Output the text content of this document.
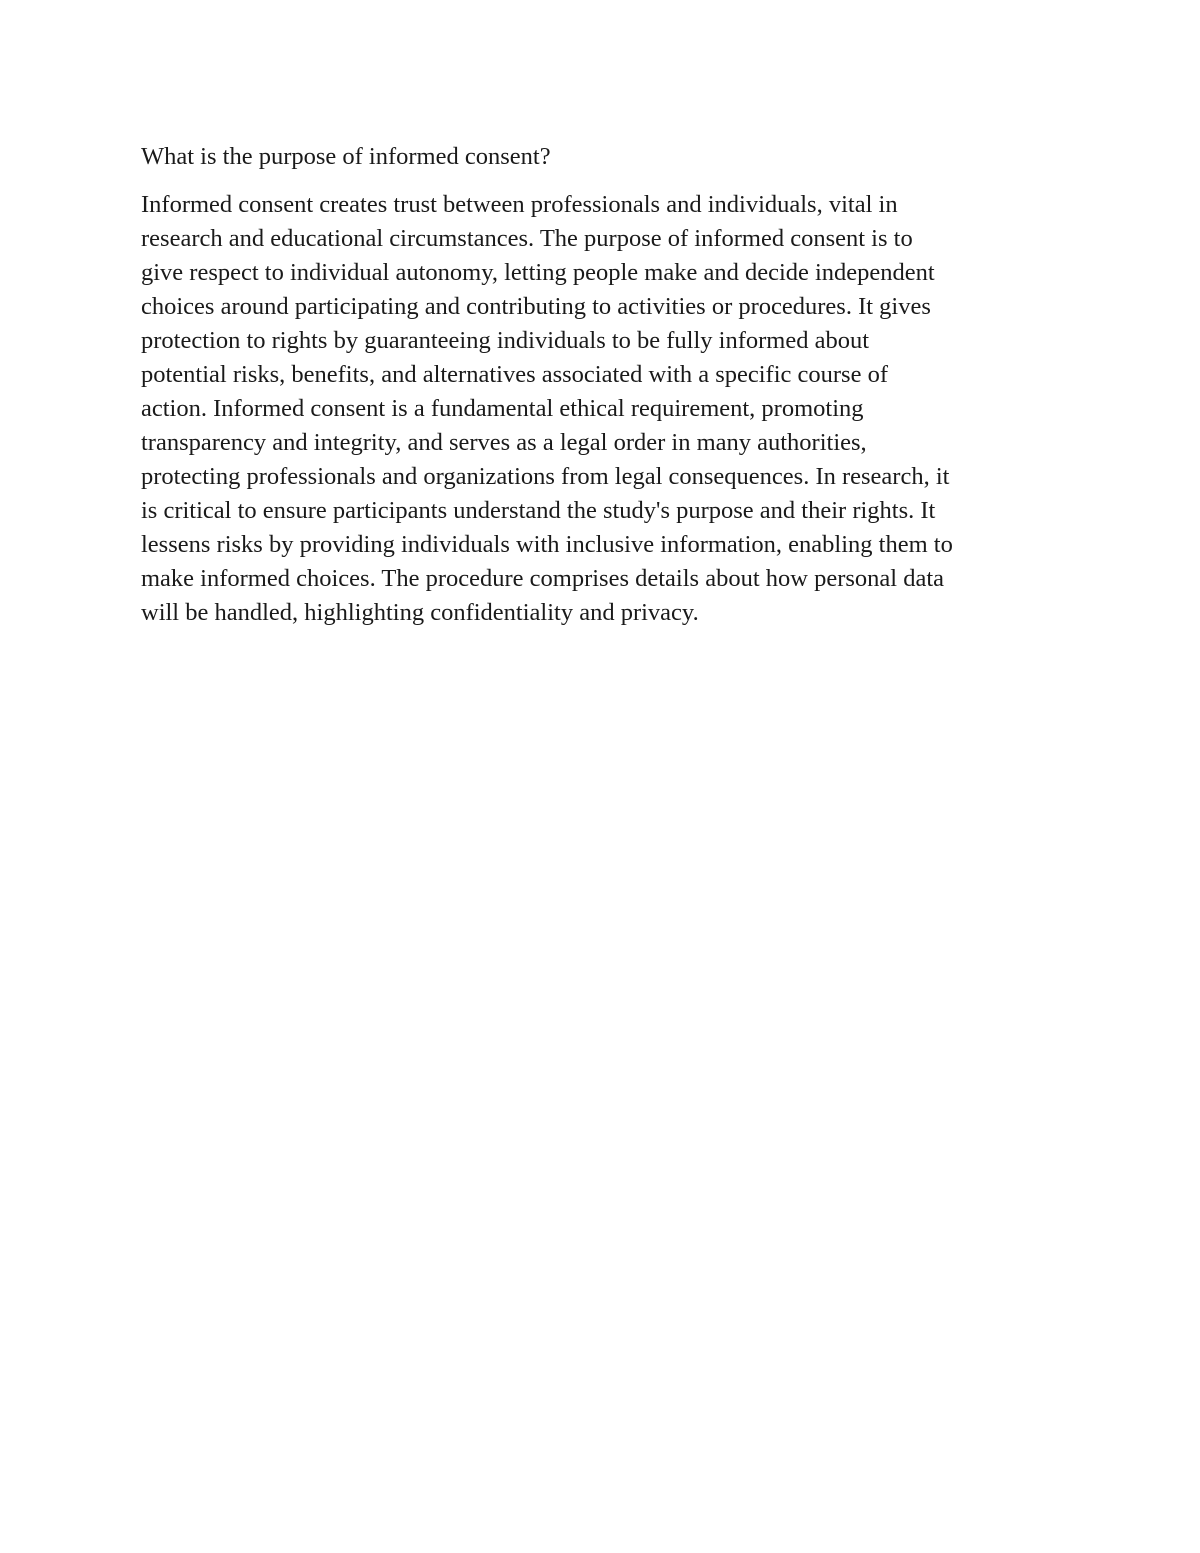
What is the purpose of informed consent?

Informed consent creates trust between professionals and individuals, vital in
research and educational circumstances. The purpose of informed consent is to
give respect to individual autonomy, letting people make and decide independent
choices around participating and contributing to activities or procedures. It gives
protection to rights by guaranteeing individuals to be fully informed about
potential risks, benefits, and alternatives associated with a specific course of
action. Informed consent is a fundamental ethical requirement, promoting
transparency and integrity, and serves as a legal order in many authorities,
protecting professionals and organizations from legal consequences. In research, it
is critical to ensure participants understand the study's purpose and their rights. It
lessens risks by providing individuals with inclusive information, enabling them to
make informed choices. The procedure comprises details about how personal data
will be handled, highlighting confidentiality and privacy.
